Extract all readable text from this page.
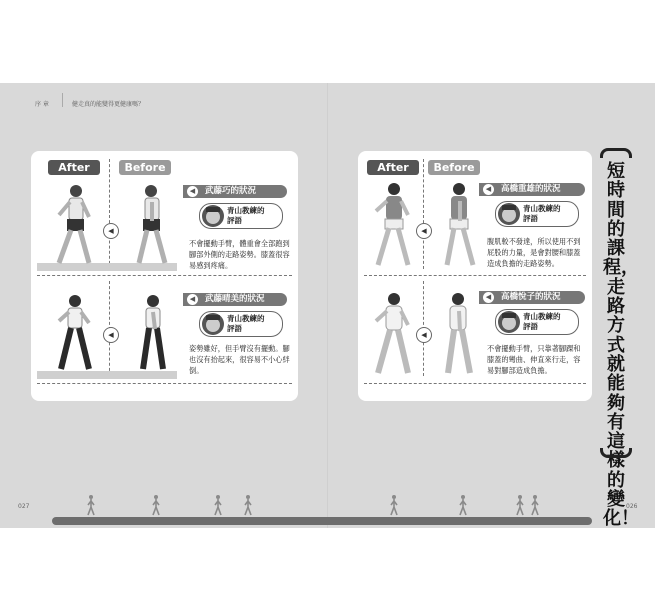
序 章	健走真的能變得更健康嗎？
After	Before
◀
◀	武藤巧的狀況
青山教練的
評語
不會擺動手臂，體重會全部跑到腳部外側的走路姿勢。膝蓋很容易感到疼痛。
◀
◀	武藤晴美的狀況
青山教練的
評語
姿勢雖好，但手臂沒有擺動。腳也沒有抬起來，很容易不小心絆倒。
After	Before
◀
◀	高橋重雄的狀況
青山教練的
評語
腹肌較不發達，所以使用不到屁股的力量，是會對腰和膝蓋造成負擔的走路姿勢。
◀
◀	高橋悅子的狀況
青山教練的
評語
不會擺動手臂，只靠著腳踝和膝蓋的彎曲、伸直來行走，容易對腳部造成負擔。
短時間的課程，走路方式就能夠有這樣的變化！
027	026
